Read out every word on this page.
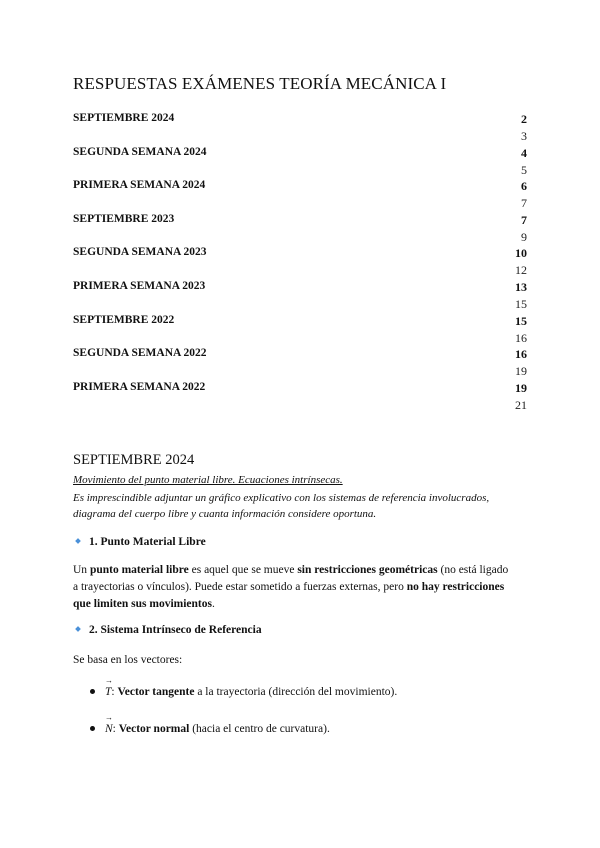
RESPUESTAS EXÁMENES TEORÍA MECÁNICA I
SEPTIEMBRE 2024	2
3
SEGUNDA SEMANA 2024	4
5
PRIMERA SEMANA 2024	6
7
SEPTIEMBRE 2023	7
9
SEGUNDA SEMANA 2023	10
12
PRIMERA SEMANA 2023	13
15
SEPTIEMBRE 2022	15
16
SEGUNDA SEMANA 2022	16
19
PRIMERA SEMANA 2022	19
21
SEPTIEMBRE 2024
Movimiento del punto material libre. Ecuaciones intrínsecas.
Es imprescindible adjuntar un gráfico explicativo con los sistemas de referencia involucrados, diagrama del cuerpo libre y cuanta información considere oportuna.
1. Punto Material Libre
Un punto material libre es aquel que se mueve sin restricciones geométricas (no está ligado a trayectorias o vínculos). Puede estar sometido a fuerzas externas, pero no hay restricciones que limiten sus movimientos.
2. Sistema Intrínseco de Referencia
Se basa en los vectores:
→
T: Vector tangente a la trayectoria (dirección del movimiento).
→
N: Vector normal (hacia el centro de curvatura).
